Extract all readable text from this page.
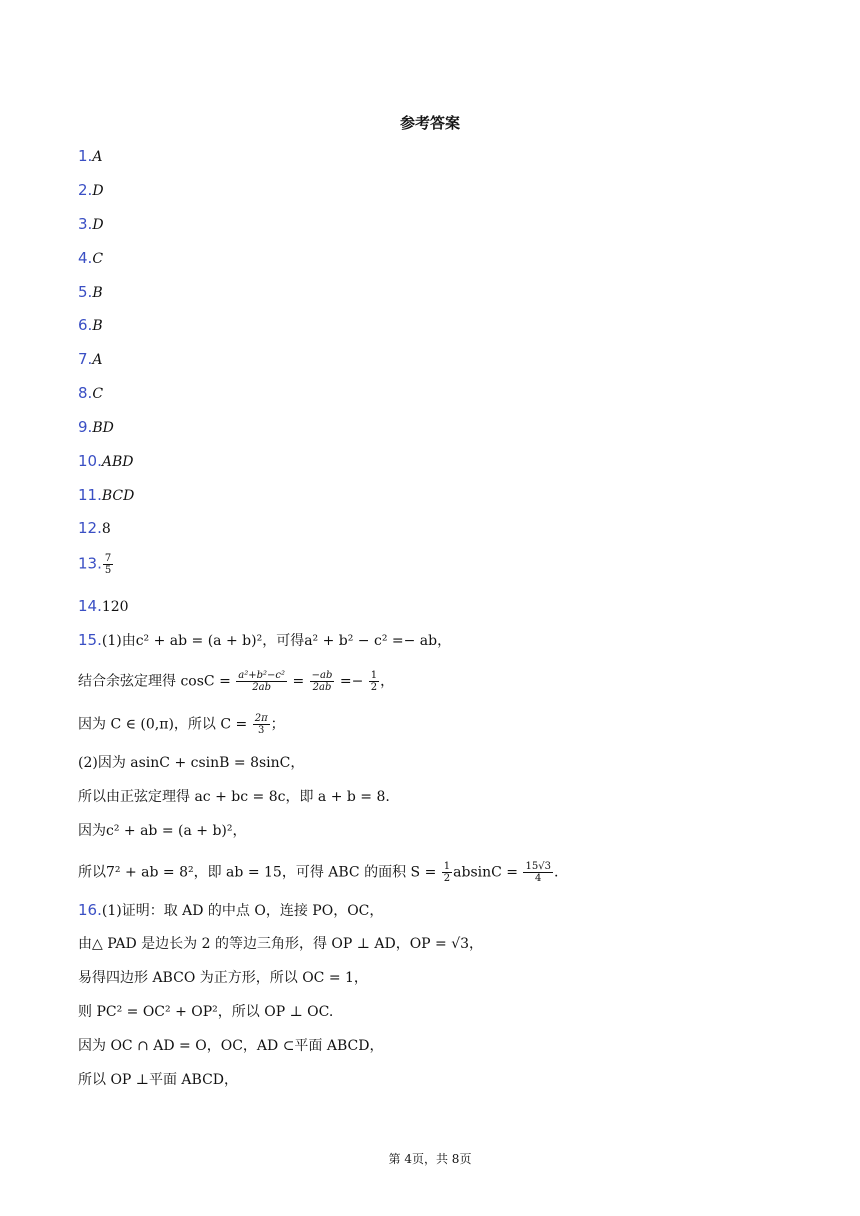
参考答案
1.A
2.D
3.D
4.C
5.B
6.B
7.A
8.C
9.BD
10.ABD
11.BCD
12.8
13. $\frac{7}{5}$
14.120
15.(1)由c² + ab = (a + b)²，可得a² + b² − c² =− ab，
结合余弦定理得 $\cos C = \frac{\text{a²+b²−c²}}{2ab} = \frac{-ab}{2ab} =- \frac{1}{2}$ ，
因为 C ∈ (0,π)，所以 $C = \frac{2\pi}{3}$ ；
(2)因为 asinC + csinB = 8sinC，
所以由正弦定理得 ac + bc = 8c，即 a + b = 8.
因为c² + ab = (a + b)²，
所以7² + ab = 8²，即 ab = 15，可得 ABC 的面积 $S = \frac{1}{2}$ $absinC = \frac{15√3}{4}$ .
16.(1)证明：取 AD 的中点 O，连接 PO，OC，
由△ PAD 是边长为 2 的等边三角形，得 OP ⊥ AD，OP = √3，
易得四边形 ABCO 为正方形，所以 OC = 1，
则 PC² = OC² + OP²，所以 OP ⊥ OC.
因为 OC ∩ AD = O，OC，AD ⊂平面 ABCD，
所以 OP ⊥平面 ABCD，
第 4页，共 8页
